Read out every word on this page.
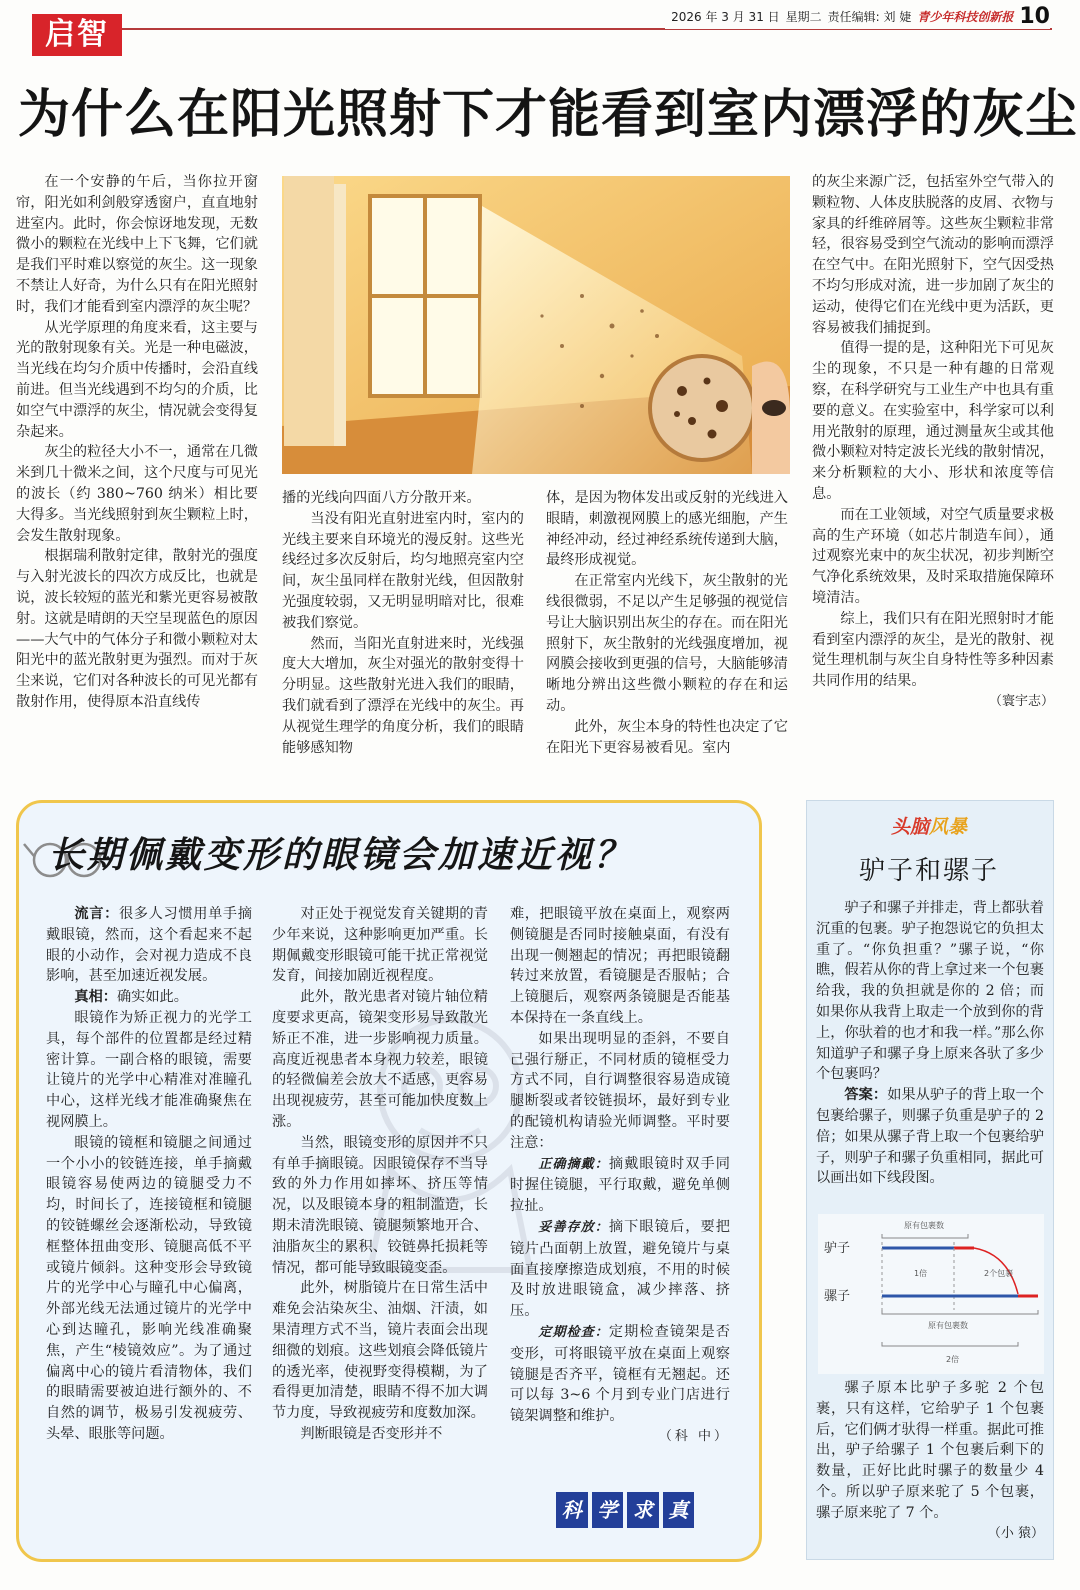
启智	2026 年 3 月 31 日 星期二 责任编辑: 刘 婕 青少年科技创新报 10
为什么在阳光照射下才能看到室内漂浮的灰尘

在一个安静的午后，当你拉开窗帘，阳光如利剑般穿透窗户，直直地射进室内。此时，你会惊讶地发现，无数微小的颗粒在光线中上下飞舞，它们就是我们平时难以察觉的灰尘。这一现象不禁让人好奇，为什么只有在阳光照射时，我们才能看到室内漂浮的灰尘呢？

从光学原理的角度来看，这主要与光的散射现象有关。光是一种电磁波，当光线在均匀介质中传播时，会沿直线前进。但当光线遇到不均匀的介质，比如空气中漂浮的灰尘，情况就会变得复杂起来。

灰尘的粒径大小不一，通常在几微米到几十微米之间，这个尺度与可见光的波长（约 380~760 纳米）相比要大得多。当光线照射到灰尘颗粒上时，会发生散射现象。

根据瑞利散射定律，散射光的强度与入射光波长的四次方成反比，也就是说，波长较短的蓝光和紫光更容易被散射。这就是晴朗的天空呈现蓝色的原因——大气中的气体分子和微小颗粒对太阳光中的蓝光散射更为强烈。而对于灰尘来说，它们对各种波长的可见光都有散射作用，使得原本沿直线传

播的光线向四面八方分散开来。

当没有阳光直射进室内时，室内的光线主要来自环境光的漫反射。这些光线经过多次反射后，均匀地照亮室内空间，灰尘虽同样在散射光线，但因散射光强度较弱，又无明显明暗对比，很难被我们察觉。

然而，当阳光直射进来时，光线强度大大增加，灰尘对强光的散射变得十分明显。这些散射光进入我们的眼睛，我们就看到了漂浮在光线中的灰尘。再从视觉生理学的角度分析，我们的眼睛能够感知物

体，是因为物体发出或反射的光线进入眼睛，刺激视网膜上的感光细胞，产生神经冲动，经过神经系统传递到大脑，最终形成视觉。

在正常室内光线下，灰尘散射的光线很微弱，不足以产生足够强的视觉信号让大脑识别出灰尘的存在。而在阳光照射下，灰尘散射的光线强度增加，视网膜会接收到更强的信号，大脑能够清晰地分辨出这些微小颗粒的存在和运动。

此外，灰尘本身的特性也决定了它在阳光下更容易被看见。室内

的灰尘来源广泛，包括室外空气带入的颗粒物、人体皮肤脱落的皮屑、衣物与家具的纤维碎屑等。这些灰尘颗粒非常轻，很容易受到空气流动的影响而漂浮在空气中。在阳光照射下，空气因受热不均匀形成对流，进一步加剧了灰尘的运动，使得它们在光线中更为活跃，更容易被我们捕捉到。

值得一提的是，这种阳光下可见灰尘的现象，不只是一种有趣的日常观察，在科学研究与工业生产中也具有重要的意义。在实验室中，科学家可以利用光散射的原理，通过测量灰尘或其他微小颗粒对特定波长光线的散射情况，来分析颗粒的大小、形状和浓度等信息。

而在工业领域，对空气质量要求极高的生产环境（如芯片制造车间），通过观察光束中的灰尘状况，初步判断空气净化系统效果，及时采取措施保障环境清洁。

综上，我们只有在阳光照射时才能看到室内漂浮的灰尘，是光的散射、视觉生理机制与灰尘自身特性等多种因素共同作用的结果。

（寰宇志）

长期佩戴变形的眼镜会加速近视？

流言：很多人习惯用单手摘戴眼镜，然而，这个看起来不起眼的小动作，会对视力造成不良影响，甚至加速近视发展。

真相：确实如此。

眼镜作为矫正视力的光学工具，每个部件的位置都是经过精密计算。一副合格的眼镜，需要让镜片的光学中心精准对准瞳孔中心，这样光线才能准确聚焦在视网膜上。

眼镜的镜框和镜腿之间通过一个小小的铰链连接，单手摘戴眼镜容易使两边的镜腿受力不均，时间长了，连接镜框和镜腿的铰链螺丝会逐渐松动，导致镜框整体扭曲变形、镜腿高低不平或镜片倾斜。这种变形会导致镜片的光学中心与瞳孔中心偏离，外部光线无法通过镜片的光学中心到达瞳孔，影响光线准确聚焦，产生“棱镜效应”。为了通过偏离中心的镜片看清物体，我们的眼睛需要被迫进行额外的、不自然的调节，极易引发视疲劳、头晕、眼胀等问题。

对正处于视觉发育关键期的青少年来说，这种影响更加严重。长期佩戴变形眼镜可能干扰正常视觉发育，间接加剧近视程度。

此外，散光患者对镜片轴位精度要求更高，镜架变形易导致散光矫正不准，进一步影响视力质量。高度近视患者本身视力较差，眼镜的轻微偏差会放大不适感，更容易出现视疲劳，甚至可能加快度数上涨。

当然，眼镜变形的原因并不只有单手摘眼镜。因眼镜保存不当导致的外力作用如摔坏、挤压等情况，以及眼镜本身的粗制滥造，长期未清洗眼镜、镜腿频繁地开合、油脂灰尘的累积、铰链鼻托损耗等情况，都可能导致眼镜变歪。

此外，树脂镜片在日常生活中难免会沾染灰尘、油烟、汗渍，如果清理方式不当，镜片表面会出现细微的划痕。这些划痕会降低镜片的透光率，使视野变得模糊，为了看得更加清楚，眼睛不得不加大调节力度，导致视疲劳和度数加深。

判断眼镜是否变形并不

难，把眼镜平放在桌面上，观察两侧镜腿是否同时接触桌面，有没有出现一侧翘起的情况；再把眼镜翻转过来放置，看镜腿是否服帖；合上镜腿后，观察两条镜腿是否能基本保持在一条直线上。

如果出现明显的歪斜，不要自己强行掰正，不同材质的镜框受力方式不同，自行调整很容易造成镜腿断裂或者铰链损坏，最好到专业的配镜机构请验光师调整。平时要注意：

正确摘戴：摘戴眼镜时双手同时握住镜腿，平行取戴，避免单侧拉扯。

妥善存放：摘下眼镜后，要把镜片凸面朝上放置，避免镜片与桌面直接摩擦造成划痕，不用的时候及时放进眼镜盒，减少摔落、挤压。

定期检查：定期检查镜架是否变形，可将眼镜平放在桌面上观察镜腿是否齐平，镜框有无翘起。还可以每 3~6 个月到专业门店进行镜架调整和维护。

（科 中）

科 学 求 真
头脑风暴
驴子和骡子

驴子和骡子并排走，背上都驮着沉重的包裹。驴子抱怨说它的负担太重了。“你负担重？”骡子说，“你瞧，假若从你的背上拿过来一个包裹给我，我的负担就是你的 2 倍；而如果你从我背上取走一个放到你的背上，你驮着的也才和我一样。”那么你知道驴子和骡子身上原来各驮了多少个包裹吗？

答案：如果从驴子的背上取一个包裹给骡子，则骡子负重是驴子的 2 倍；如果从骡子背上取一个包裹给驴子，则驴子和骡子负重相同，据此可以画出如下线段图。

原有包裹数
驴子
1倍	2个包裹
骡子
原有包裹数
2倍

骡子原本比驴子多驼 2 个包裹，只有这样，它给驴子 1 个包裹后，它们俩才驮得一样重。据此可推出，驴子给骡子 1 个包裹后剩下的数量，正好比此时骡子的数量少 4 个。所以驴子原来驼了 5 个包裹，骡子原来驼了 7 个。

（小 猿）
